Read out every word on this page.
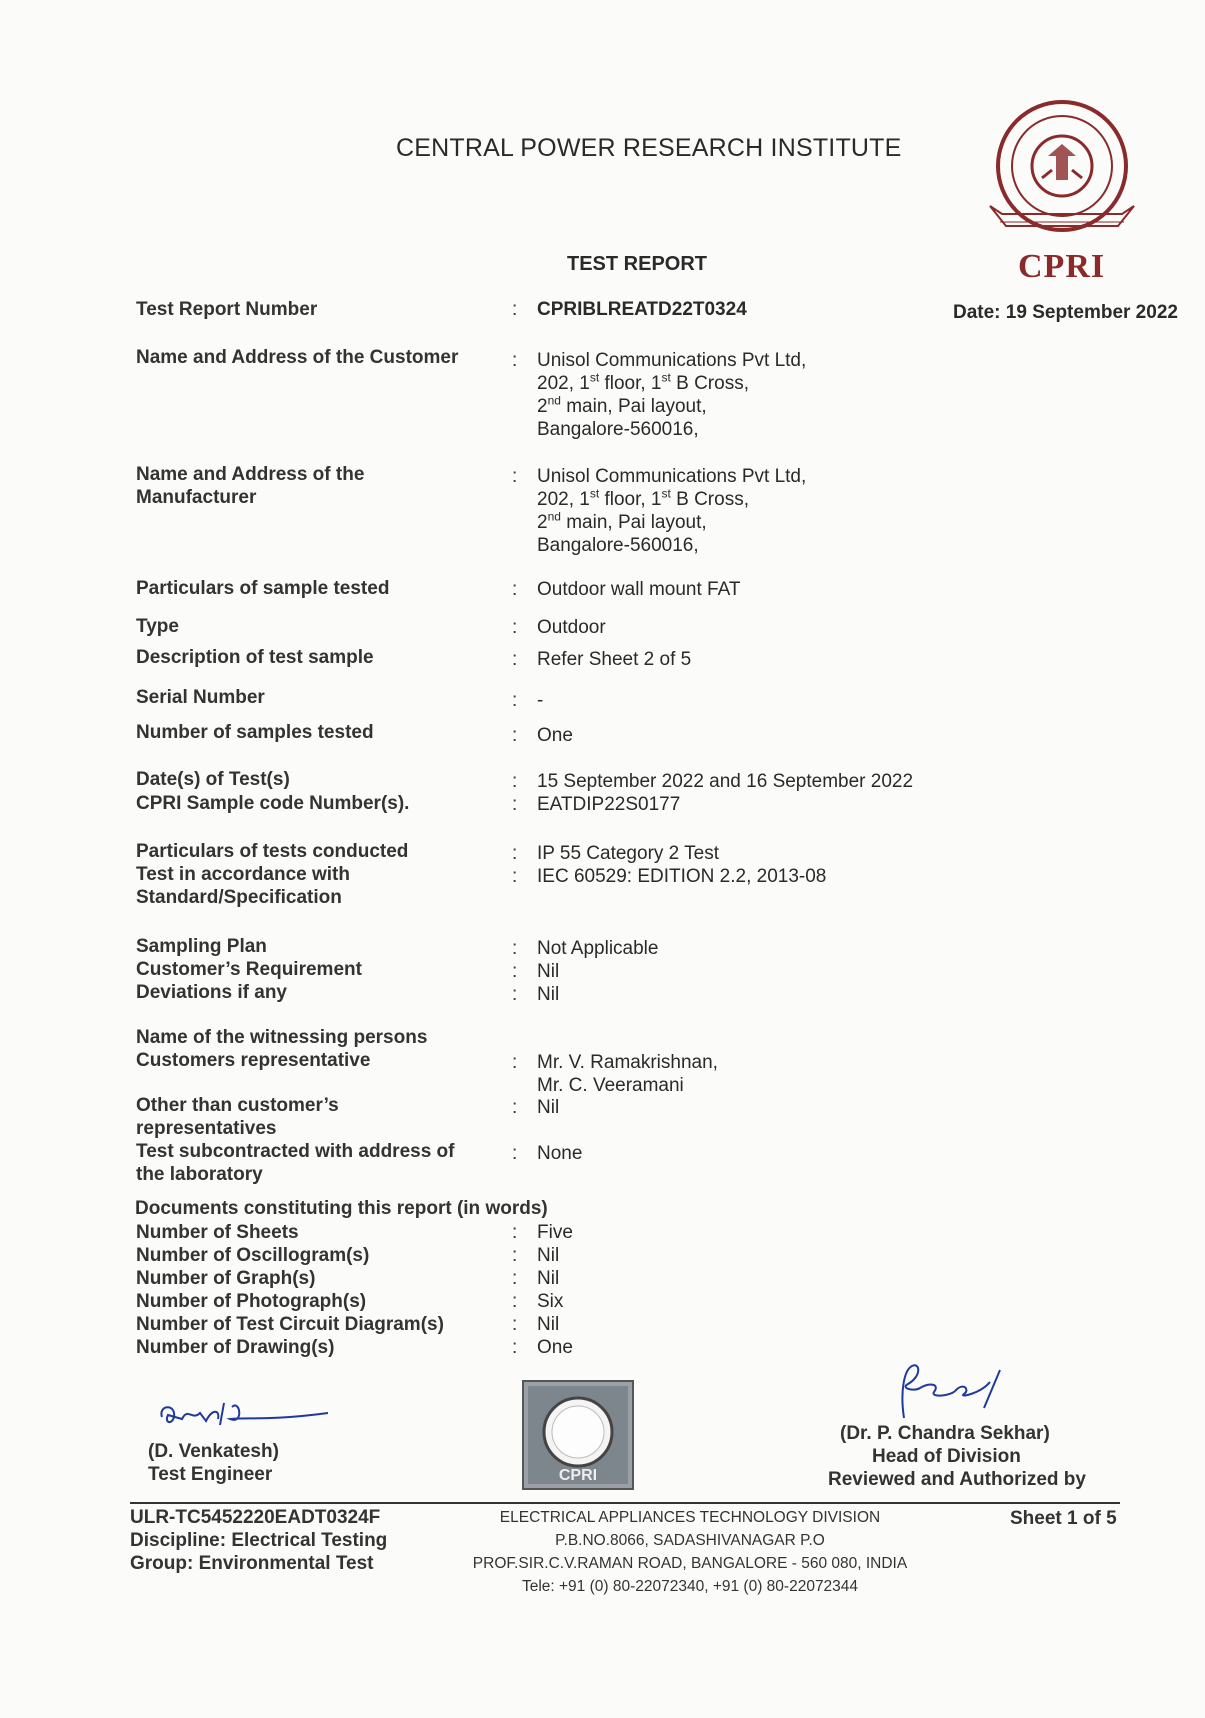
CENTRAL POWER RESEARCH INSTITUTE
TEST REPORT	CPRI
Date: 19 September 2022
Test Report Number	: CPRIBLREATD22T0324
Name and Address of the Customer	: Unisol Communications Pvt Ltd,
202, 1st floor, 1st B Cross,
2nd main, Pai layout,
Bangalore-560016,
Name and Address of the
Manufacturer
: Unisol Communications Pvt Ltd,
202, 1st floor, 1st B Cross,
2nd main, Pai layout,
Bangalore-560016,
Particulars of sample tested	: Outdoor wall mount FAT
Type	: Outdoor
Description of test sample	: Refer Sheet 2 of 5
Serial Number	: -
Number of samples tested	: One
Date(s) of Test(s)	: 15 September 2022 and 16 September 2022
CPRI Sample code Number(s).	: EATDIP22S0177
Particulars of tests conducted	: IP 55 Category 2 Test
Test in accordance with
Standard/Specification
: IEC 60529: EDITION 2.2, 2013-08
Sampling Plan	: Not Applicable
Customer’s Requirement	: Nil
Deviations if any	: Nil
Name of the witnessing persons
Customers representative	: Mr. V. Ramakrishnan,
Mr. C. Veeramani
Other than customer’s
representatives
: Nil
Test subcontracted with address of
the laboratory
: None
Documents constituting this report (in words)
Number of Sheets	: Five
Number of Oscillogram(s)	: Nil
Number of Graph(s)	: Nil
Number of Photograph(s)	: Six
Number of Test Circuit Diagram(s)	: Nil
Number of Drawing(s)	: One
(D. Venkatesh)
Test Engineer	CPRI
(Dr. P. Chandra Sekhar)
Head of Division
Reviewed and Authorized by
ULR-TC5452220EADT0324F
Discipline: Electrical Testing
Group: Environmental Test
ELECTRICAL APPLIANCES TECHNOLOGY DIVISION
P.B.NO.8066, SADASHIVANAGAR P.O
PROF.SIR.C.V.RAMAN ROAD, BANGALORE - 560 080, INDIA
Tele: +91 (0) 80-22072340, +91 (0) 80-22072344
Sheet 1 of 5
